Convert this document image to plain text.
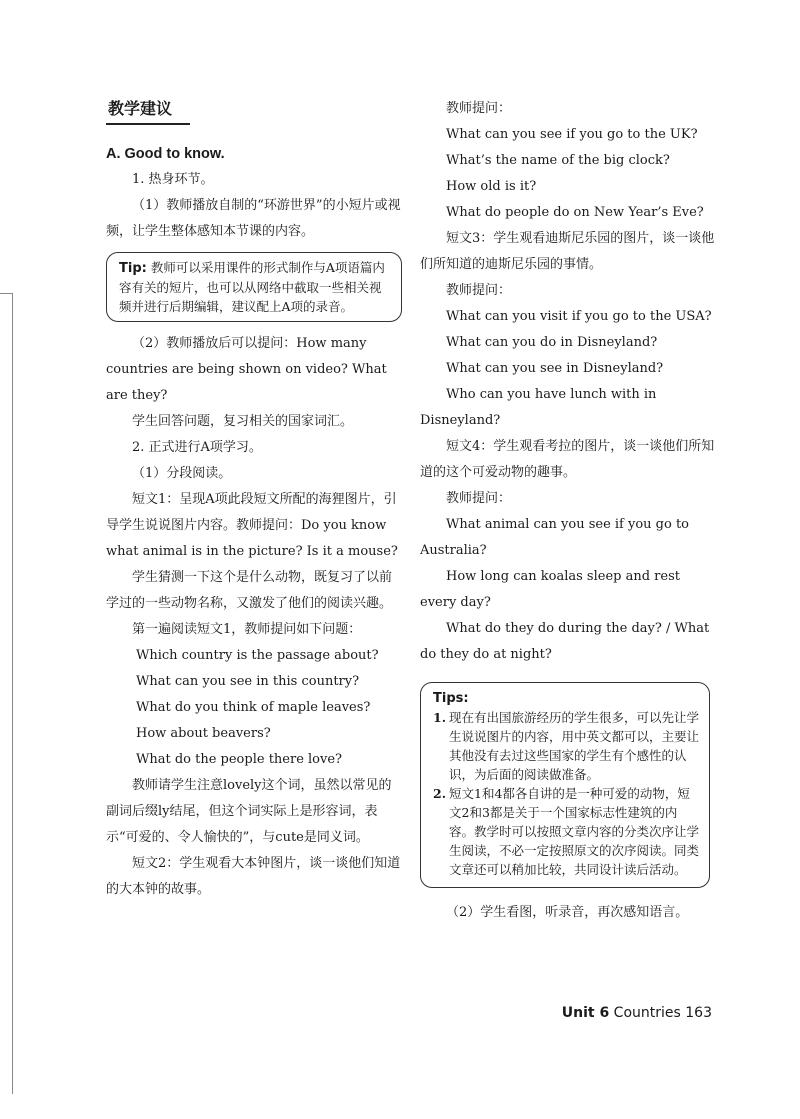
教学建议
A. Good to know.

1. 热身环节。

（1）教师播放自制的“环游世界”的小短片或视频，让学生整体感知本节课的内容。

Tip: 教师可以采用课件的形式制作与A项语篇内容有关的短片，也可以从网络中截取一些相关视频并进行后期编辑，建议配上A项的录音。

（2）教师播放后可以提问：How many countries are being shown on video? What are they?

学生回答问题，复习相关的国家词汇。

2. 正式进行A项学习。

（1）分段阅读。

短文1：呈现A项此段短文所配的海狸图片，引导学生说说图片内容。教师提问：Do you know what animal is in the picture? Is it a mouse?

学生猜测一下这个是什么动物，既复习了以前学过的一些动物名称，又激发了他们的阅读兴趣。

第一遍阅读短文1，教师提问如下问题：

Which country is the passage about?

What can you see in this country?

What do you think of maple leaves?

How about beavers?

What do the people there love?

教师请学生注意lovely这个词，虽然以常见的副词后缀ly结尾，但这个词实际上是形容词，表示“可爱的、令人愉快的”，与cute是同义词。

短文2：学生观看大本钟图片，谈一谈他们知道的大本钟的故事。

教师提问：

What can you see if you go to the UK?

What’s the name of the big clock?

How old is it?

What do people do on New Year’s Eve?

短文3：学生观看迪斯尼乐园的图片，谈一谈他们所知道的迪斯尼乐园的事情。

教师提问：

What can you visit if you go to the USA?

What can you do in Disneyland?

What can you see in Disneyland?

Who can you have lunch with in Disneyland?

短文4：学生观看考拉的图片，谈一谈他们所知道的这个可爱动物的趣事。

教师提问：

What animal can you see if you go to Australia?

How long can koalas sleep and rest every day?

What do they do during the day? / What do they do at night?

Tips:
1. 现在有出国旅游经历的学生很多，可以先让学生说说图片的内容，用中英文都可以，主要让其他没有去过这些国家的学生有个感性的认识，为后面的阅读做准备。
2. 短文1和4都各自讲的是一种可爱的动物，短文2和3都是关于一个国家标志性建筑的内容。教学时可以按照文章内容的分类次序让学生阅读，不必一定按照原文的次序阅读。同类文章还可以稍加比较，共同设计读后活动。

（2）学生看图，听录音，再次感知语言。

Unit 6 Countries 163
